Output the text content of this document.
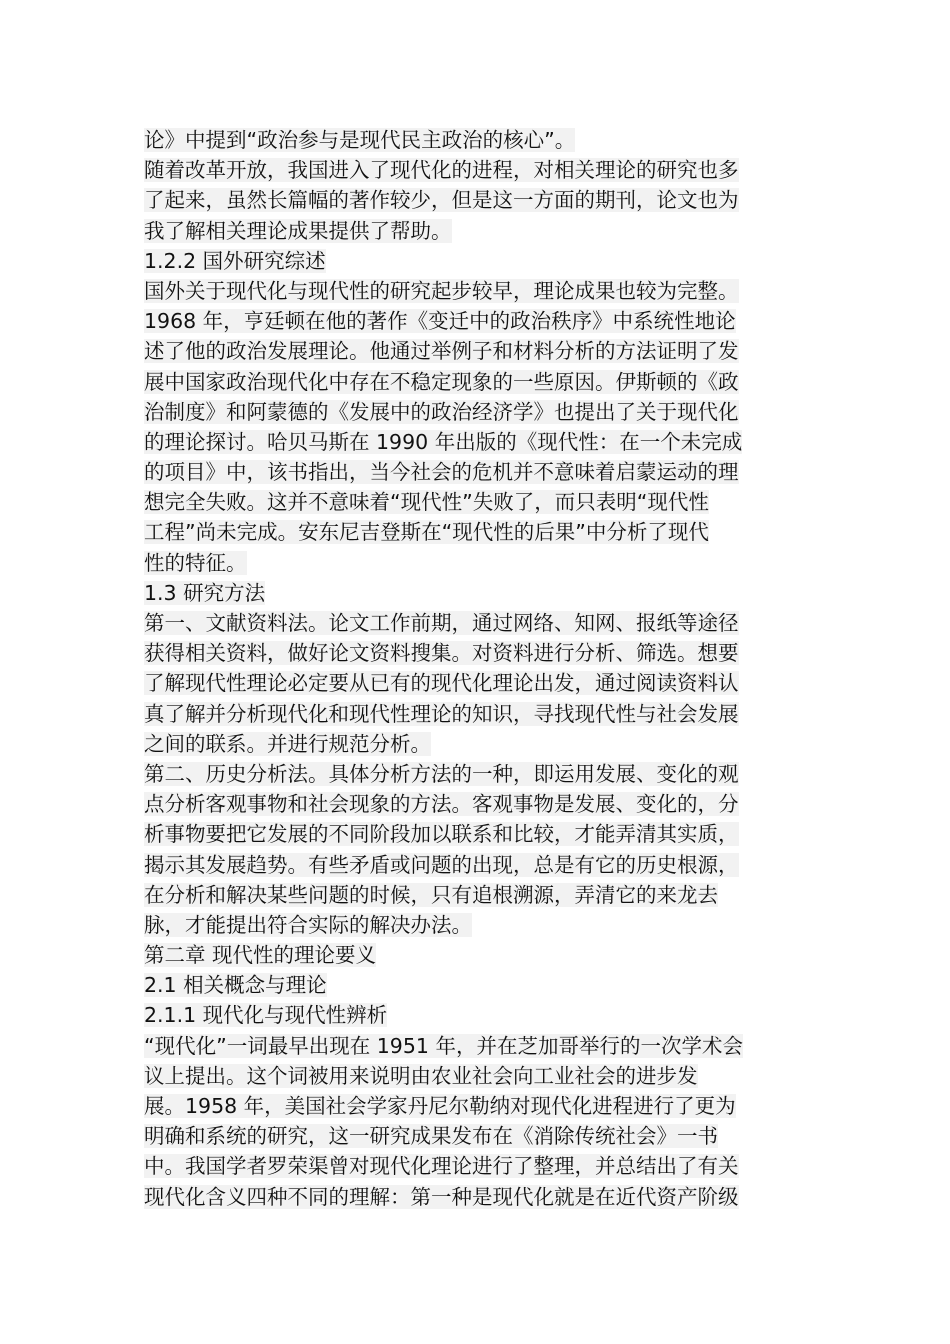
论》中提到“政治参与是现代民主政治的核心”。
随着改革开放，我国进入了现代化的进程，对相关理论的研究也多
了起来，虽然长篇幅的著作较少，但是这一方面的期刊，论文也为
我了解相关理论成果提供了帮助。
1.2.2 国外研究综述
国外关于现代化与现代性的研究起步较早，理论成果也较为完整。
1968 年，亨廷顿在他的著作《变迁中的政治秩序》中系统性地论
述了他的政治发展理论。他通过举例子和材料分析的方法证明了发
展中国家政治现代化中存在不稳定现象的一些原因。伊斯顿的《政
治制度》和阿蒙德的《发展中的政治经济学》也提出了关于现代化
的理论探讨。哈贝马斯在 1990 年出版的《现代性：在一个未完成
的项目》中，该书指出，当今社会的危机并不意味着启蒙运动的理
想完全失败。这并不意味着“现代性”失败了，而只表明“现代性
工程”尚未完成。安东尼吉登斯在“现代性的后果”中分析了现代
性的特征。
1.3 研究方法
第一、文献资料法。论文工作前期，通过网络、知网、报纸等途径
获得相关资料，做好论文资料搜集。对资料进行分析、筛选。想要
了解现代性理论必定要从已有的现代化理论出发，通过阅读资料认
真了解并分析现代化和现代性理论的知识，寻找现代性与社会发展
之间的联系。并进行规范分析。
第二、历史分析法。具体分析方法的一种，即运用发展、变化的观
点分析客观事物和社会现象的方法。客观事物是发展、变化的，分
析事物要把它发展的不同阶段加以联系和比较，才能弄清其实质，
揭示其发展趋势。有些矛盾或问题的出现，总是有它的历史根源，
在分析和解决某些问题的时候，只有追根溯源，弄清它的来龙去
脉，才能提出符合实际的解决办法。
第二章 现代性的理论要义
2.1 相关概念与理论
2.1.1 现代化与现代性辨析
“现代化”一词最早出现在 1951 年，并在芝加哥举行的一次学术会
议上提出。这个词被用来说明由农业社会向工业社会的进步发
展。1958 年，美国社会学家丹尼尔勒纳对现代化进程进行了更为
明确和系统的研究，这一研究成果发布在《消除传统社会》一书
中。我国学者罗荣渠曾对现代化理论进行了整理，并总结出了有关
现代化含义四种不同的理解：第一种是现代化就是在近代资产阶级
